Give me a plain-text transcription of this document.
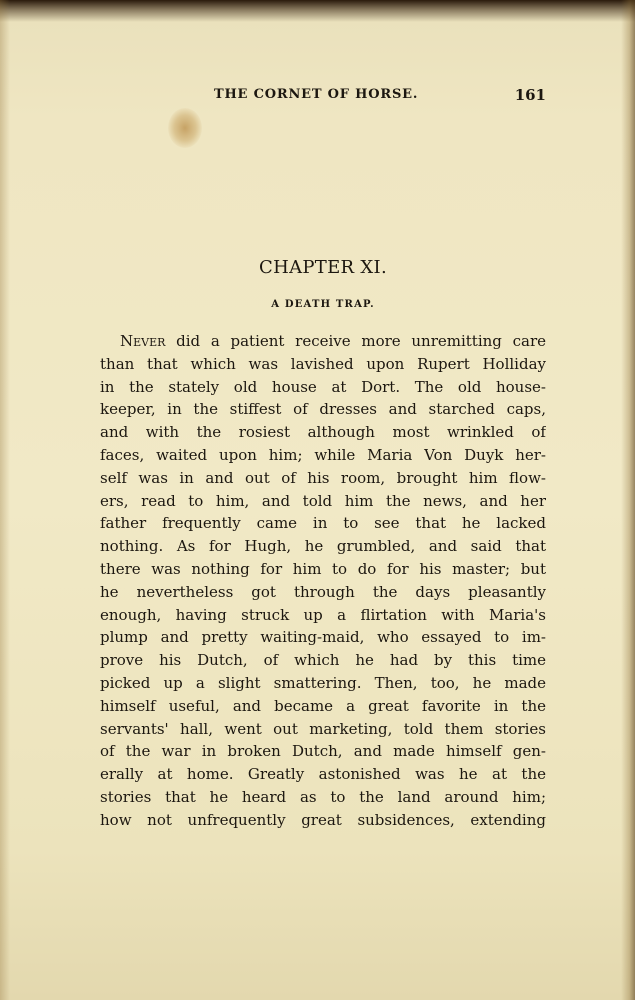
THE CORNET OF HORSE.	161
CHAPTER XI.
A DEATH TRAP.
Never did a patient receive more unremitting care
than that which was lavished upon Rupert Holliday
in the stately old house at Dort. The old house-
keeper, in the stiffest of dresses and starched caps,
and with the rosiest although most wrinkled of
faces, waited upon him; while Maria Von Duyk her-
self was in and out of his room, brought him flow-
ers, read to him, and told him the news, and her
father frequently came in to see that he lacked
nothing. As for Hugh, he grumbled, and said that
there was nothing for him to do for his master; but
he nevertheless got through the days pleasantly
enough, having struck up a flirtation with Maria's
plump and pretty waiting-maid, who essayed to im-
prove his Dutch, of which he had by this time
picked up a slight smattering. Then, too, he made
himself useful, and became a great favorite in the
servants' hall, went out marketing, told them stories
of the war in broken Dutch, and made himself gen-
erally at home. Greatly astonished was he at the
stories that he heard as to the land around him;
how not unfrequently great subsidences, extending
